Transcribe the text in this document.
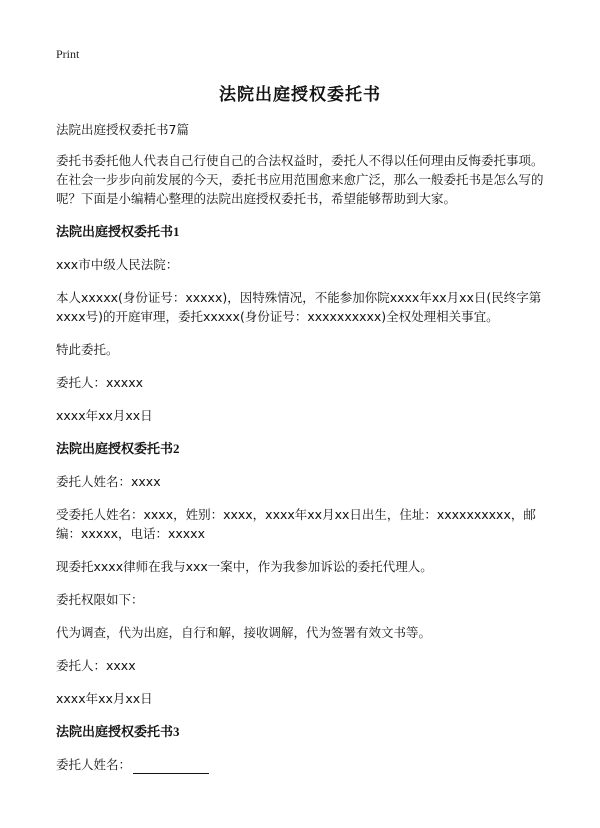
Print
法院出庭授权委托书

法院出庭授权委托书7篇

委托书委托他人代表自己行使自己的合法权益时，委托人不得以任何理由反悔委托事项。在社会一步步向前发展的今天，委托书应用范围愈来愈广泛，那么一般委托书是怎么写的呢？下面是小编精心整理的法院出庭授权委托书，希望能够帮助到大家。

法院出庭授权委托书1

xxx市中级人民法院：

本人xxxxx(身份证号：xxxxx)，因特殊情况，不能参加你院xxxx年xx月xx日(民终字第xxxx号)的开庭审理，委托xxxxx(身份证号：xxxxxxxxxx)全权处理相关事宜。

特此委托。

委托人：xxxxx

xxxx年xx月xx日

法院出庭授权委托书2

委托人姓名：xxxx

受委托人姓名：xxxx，姓别：xxxx，xxxx年xx月xx日出生，住址：xxxxxxxxxx，邮编：xxxxx，电话：xxxxx

现委托xxxx律师在我与xxx一案中，作为我参加诉讼的委托代理人。

委托权限如下：

代为调查，代为出庭，自行和解，接收调解，代为签署有效文书等。

委托人：xxxx

xxxx年xx月xx日

法院出庭授权委托书3

委托人姓名：
